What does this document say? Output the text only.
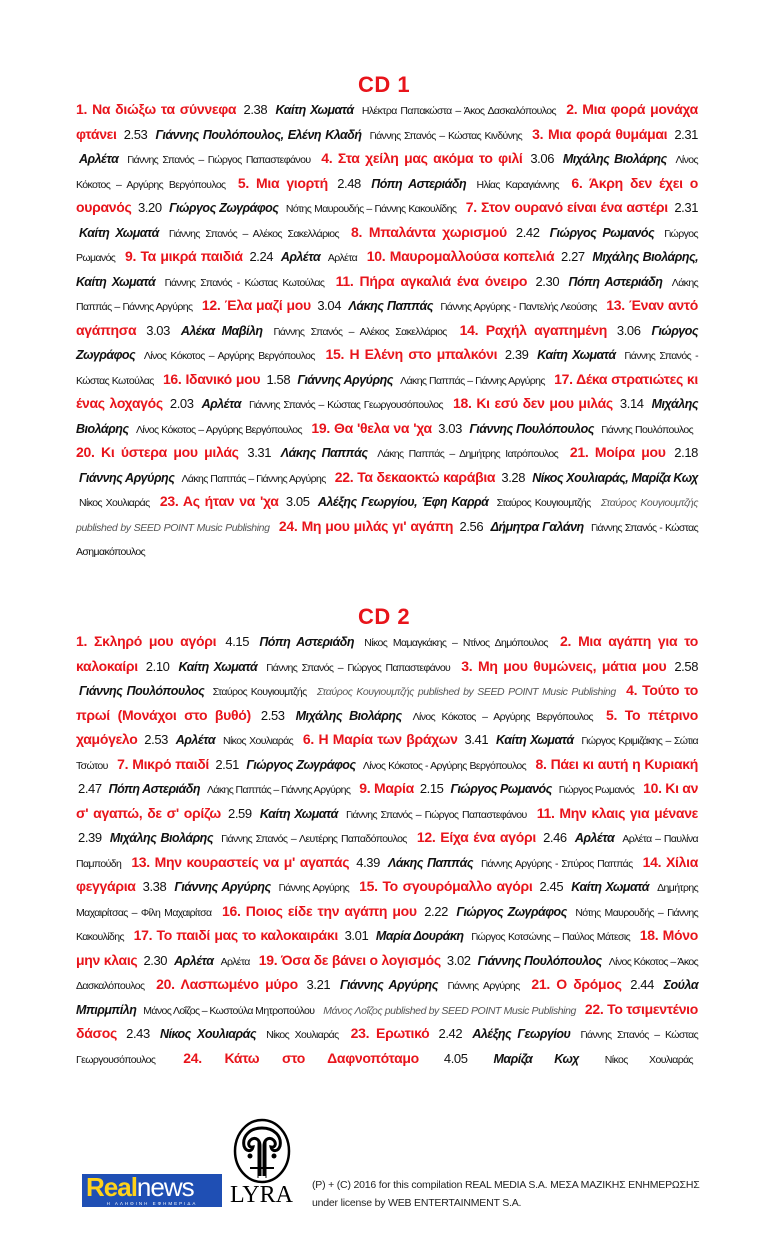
CD 1
1 . Να διώξω τα σύννεφα 2.38 Καίτη Χωματά Ηλέκτρα Παπακώστα – Άκος Δασκαλόπουλος 2 . Μια φορά μονάχα φτάνει 2.53 Γιάννης Πουλόπουλος, Ελένη Κλαδή Γιάννης Σπανός – Κώστας Κινδύνης 3 . Μια φορά θυμάμαι 2.31 Αρλέτα Γιάννης Σπανός – Γιώργος Παπαστεφάνου 4 . Στα χείλη μας ακόμα το φιλί 3.06 Μιχάλης Βιολάρης Λίνος Κόκοτος – Αργύρης Βεργόπουλος 5 . Μια γιορτή 2.48 Πόπη Αστεριάδη Ηλίας Καραγιάννης 6 . Άκρη δεν έχει ο ουρανός 3.20 Γιώργος Ζωγράφος Νότης Μαυρουδής – Γιάννης Κακουλίδης 7 . Στον ουρανό είναι ένα αστέρι 2.31 Καίτη Χωματά Γιάννης Σπανός – Αλέκος Σακελλάριος 8 . Μπαλάντα χωρισμού 2.42 Γιώργος Ρωμανός Γιώργος Ρωμανός 9 . Τα μικρά παιδιά 2.24 Αρλέτα Αρλέτα 10 . Μαυρομαλλούσα κοπελιά 2.27 Μιχάλης Βιολάρης, Καίτη Χωματά Γιάννης Σπανός - Κώστας Κωτούλας 11 . Πήρα αγκαλιά ένα όνειρο 2.30 Πόπη Αστεριάδη Λάκης Παππάς – Γιάννης Αργύρης 12 . Έλα μαζί μου 3.04 Λάκης Παππάς Γιάννης Αργύρης - Παντελής Λεούσης 13 . Έναν αντό αγάπησα 3.03 Αλέκα Μαβίλη Γιάννης Σπανός – Αλέκος Σακελλάριος 14 . Ραχήλ αγαπημένη 3.06 Γιώργος Ζωγράφος Λίνος Κόκοτος – Αργύρης Βεργόπουλος 15 . Η Ελένη στο μπαλκόνι 2.39 Καίτη Χωματά Γιάννης Σπανός - Κώστας Κωτούλας 16 . Ιδανικό μου 1.58 Γιάννης Αργύρης Λάκης Παππάς – Γιάννης Αργύρης 17 . Δέκα στρατιώτες κι ένας λοχαγός 2.03 Αρλέτα Γιάννης Σπανός – Κώστας Γεωργουσόπουλος 18 . Κι εσύ δεν μου μιλάς 3.14 Μιχάλης Βιολάρης Λίνος Κόκοτος – Αργύρης Βεργόπουλος 19 . Θα 'θελα να 'χα 3.03 Γιάννης Πουλόπουλος Γιάννης Πουλόπουλος 20 . Κι ύστερα μου μιλάς 3.31 Λάκης Παππάς Λάκης Παππάς – Δημήτρης Ιατρόπουλος 21 . Μοίρα μου 2.18 Γιάννης Αργύρης Λάκης Παππάς – Γιάννης Αργύρης 22 . Τα δεκαοκτώ καράβια 3.28 Νίκος Χουλιαράς, Μαρίζα Κωχ Νίκος Χουλιαράς 23 . Ας ήταν να 'χα 3.05 Αλέξης Γεωργίου, Έφη Καρρά Σταύρος Κουγιουμτζής Σταύρος Κουγιουμτζής published by SEED POINT Music Publishing 24 . Μη μου μιλάς γι' αγάπη 2.56 Δήμητρα Γαλάνη Γιάννης Σπανός - Κώστας Ασημακόπουλος
CD 2
1 . Σκληρό μου αγόρι 4.15 Πόπη Αστεριάδη Νίκος Μαμαγκάκης – Ντίνος Δημόπουλος 2 . Μια αγάπη για το καλοκαίρι 2.10 Καίτη Χωματά Γιάννης Σπανός – Γιώργος Παπαστεφάνου 3 . Μη μου θυμώνεις, μάτια μου 2.58 Γιάννης Πουλόπουλος Σταύρος Κουγιουμτζής Σταύρος Κουγιουμτζής published by SEED POINT Music Publishing 4 . Τούτο το πρωί (Μονάχοι στο βυθό) 2.53 Μιχάλης Βιολάρης Λίνος Κόκοτος – Αργύρης Βεργόπουλος 5 . Το πέτρινο χαμόγελο 2.53 Αρλέτα Νίκος Χουλιαράς 6 . Η Μαρία των βράχων 3.41 Καίτη Χωματά Γιώργος Κριμιζάκης – Σώτια Τσώτου 7 . Μικρό παιδί 2.51 Γιώργος Ζωγράφος Λίνος Κόκοτος - Αργύρης Βεργόπουλος 8 . Πάει κι αυτή η Κυριακή 2.47 Πόπη Αστεριάδη Λάκης Παππάς – Γιάννης Αργύρης 9 . Μαρία 2.15 Γιώργος Ρωμανός Γιώργος Ρωμανός 10 . Κι αν σ' αγαπώ, δε σ' ορίζω 2.59 Καίτη Χωματά Γιάννης Σπανός – Γιώργος Παπαστεφάνου 11 . Μην κλαις για μένανε 2.39 Μιχάλης Βιολάρης Γιάννης Σπανός – Λευτέρης Παπαδόπουλος 12 . Είχα ένα αγόρι 2.46 Αρλέτα Αρλέτα – Παυλίνα Παμπούδη 13 . Μην κουραστείς να μ' αγαπάς 4.39 Λάκης Παππάς Γιάννης Αργύρης - Σπύρος Παππάς 14 . Χίλια φεγγάρια 3.38 Γιάννης Αργύρης Γιάννης Αργύρης 15 . Το σγουρόμαλλο αγόρι 2.45 Καίτη Χωματά Δημήτρης Μαχαιρίτσας – Φίλη Μαχαιρίτσα 16 . Ποιος είδε την αγάπη μου 2.22 Γιώργος Ζωγράφος Νότης Μαυρουδής – Γιάννης Κακουλίδης 17 . Το παιδί μας το καλοκαιράκι 3.01 Μαρία Δουράκη Γιώργος Κοτσώνης – Παύλος Μάτεσις 18 . Μόνο μην κλαις 2.30 Αρλέτα Αρλέτα 19 . Όσα δε βάνει ο λογισμός 3.02 Γιάννης Πουλόπουλος Λίνος Κόκοτος – Άκος Δασκαλόπουλος 20 . Λασπωμένο μύρο 3.21 Γιάννης Αργύρης Γιάννης Αργύρης 21 . Ο δρόμος 2.44 Σούλα Μπιρμπίλη Μάνος Λοΐζος – Κωστούλα Μητροπούλου Μάνος Λοΐζος published by SEED POINT Music Publishing 22 . Το τσιμεντένιο δάσος 2.43 Νίκος Χουλιαράς Νίκος Χουλιαράς 23 . Ερωτικό 2.42 Αλέξης Γεωργίου Γιάννης Σπανός – Κώστας Γεωργουσόπουλος 24 . Κάτω στο Δαφνοπόταμο 4.05 Μαρίζα Κωχ Νίκος Χουλιαράς
Realnews
Η ΑΛΗΘΙΝΗ ΕΦΗΜΕΡΙΔΑ	LYRA (P) + (C) 2016 for this compilation REAL MEDIA S.A. ΜΕΣΑ ΜΑΖΙΚΗΣ ΕΝΗΜΕΡΩΣΗΣ
under license by WEB ENTERTAINMENT S.A.
